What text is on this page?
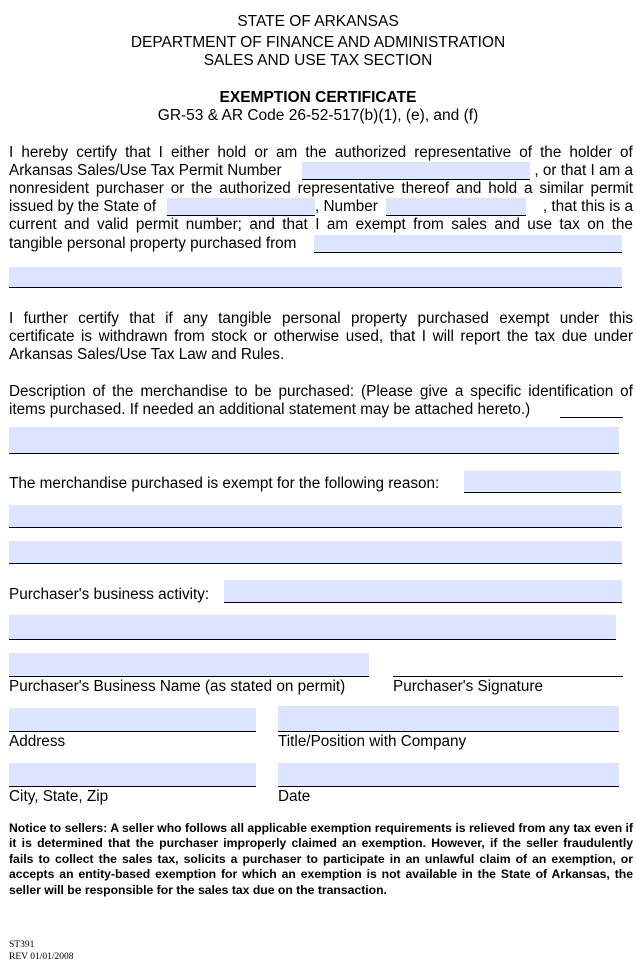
STATE OF ARKANSAS
DEPARTMENT OF FINANCE AND ADMINISTRATION
SALES AND USE TAX SECTION
EXEMPTION CERTIFICATE
GR-53 & AR Code 26-52-517(b)(1), (e), and (f)
I hereby certify that I either hold or am the authorized representative of the holder of
Arkansas Sales/Use Tax Permit Number	, or that I am a
nonresident purchaser or the authorized representative thereof and hold a similar permit
issued by the State of	, Number	, that this is a
current and valid permit number; and that I am exempt from sales and use tax on the
tangible personal property purchased from
I further certify that if any tangible personal property purchased exempt under this
certificate is withdrawn from stock or otherwise used, that I will report the tax due under
Arkansas Sales/Use Tax Law and Rules.
Description of the merchandise to be purchased: (Please give a specific identification of
items purchased. If needed an additional statement may be attached hereto.)
The merchandise purchased is exempt for the following reason:
Purchaser's business activity:
Purchaser's Business Name (as stated on permit)	Purchaser's Signature
Address	Title/Position with Company
City, State, Zip	Date
Notice to sellers: A seller who follows all applicable exemption requirements is relieved from any tax even if it is determined that the purchaser improperly claimed an exemption. However, if the seller fraudulently fails to collect the sales tax, solicits a purchaser to participate in an unlawful claim of an exemption, or accepts an entity-based exemption for which an exemption is not available in the State of Arkansas, the seller will be responsible for the sales tax due on the transaction.
ST391
REV 01/01/2008
